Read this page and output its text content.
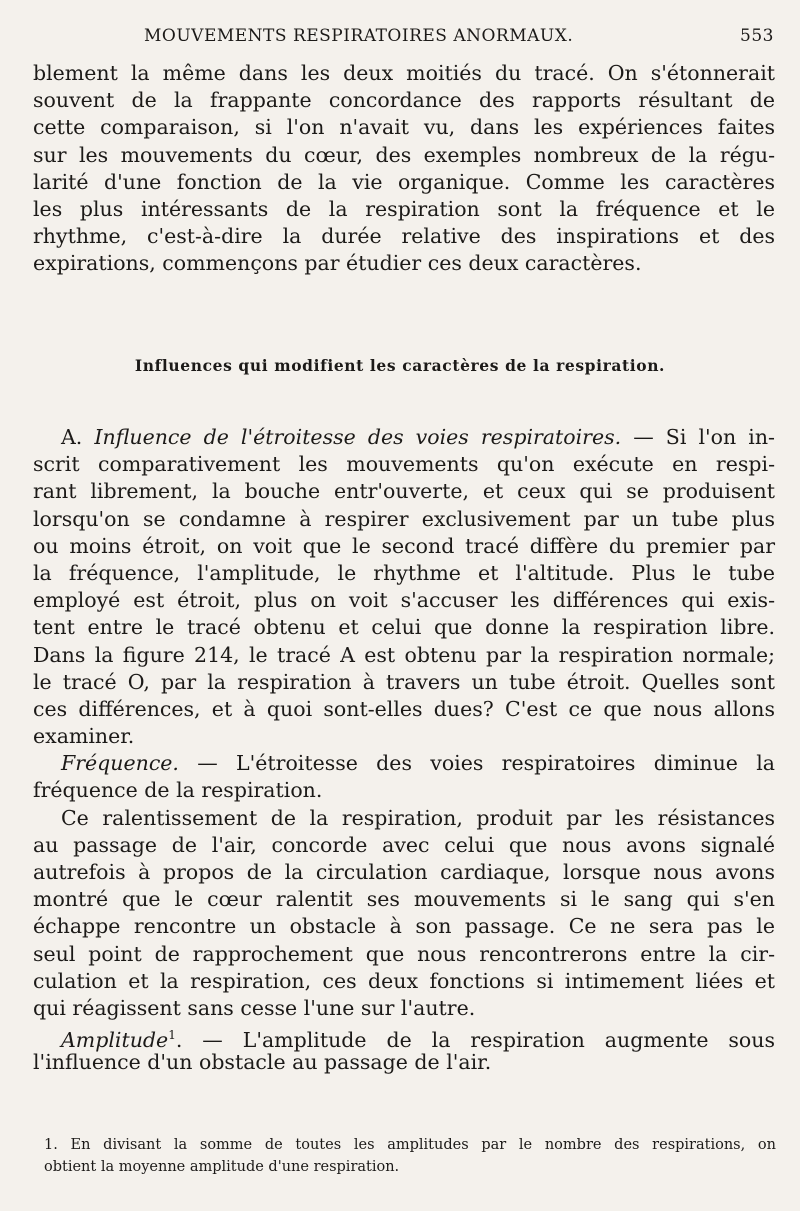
MOUVEMENTS RESPIRATOIRES ANORMAUX.	553
blement la même dans les deux moitiés du tracé. On s'étonnerait
souvent de la frappante concordance des rapports résultant de
cette comparaison, si l'on n'avait vu, dans les expériences faites
sur les mouvements du cœur, des exemples nombreux de la régu-
larité d'une fonction de la vie organique. Comme les caractères
les plus intéressants de la respiration sont la fréquence et le
rhythme, c'est-à-dire la durée relative des inspirations et des
expirations, commençons par étudier ces deux caractères.
Influences qui modifient les caractères de la respiration.
A. Influence de l'étroitesse des voies respiratoires. — Si l'on in-
scrit comparativement les mouvements qu'on exécute en respi-
rant librement, la bouche entr'ouverte, et ceux qui se produisent
lorsqu'on se condamne à respirer exclusivement par un tube plus
ou moins étroit, on voit que le second tracé diffère du premier par
la fréquence, l'amplitude, le rhythme et l'altitude. Plus le tube
employé est étroit, plus on voit s'accuser les différences qui exis-
tent entre le tracé obtenu et celui que donne la respiration libre.
Dans la figure 214, le tracé A est obtenu par la respiration normale;
le tracé O, par la respiration à travers un tube étroit. Quelles sont
ces différences, et à quoi sont-elles dues? C'est ce que nous allons
examiner.
Fréquence. — L'étroitesse des voies respiratoires diminue la
fréquence de la respiration.
Ce ralentissement de la respiration, produit par les résistances
au passage de l'air, concorde avec celui que nous avons signalé
autrefois à propos de la circulation cardiaque, lorsque nous avons
montré que le cœur ralentit ses mouvements si le sang qui s'en
échappe rencontre un obstacle à son passage. Ce ne sera pas le
seul point de rapprochement que nous rencontrerons entre la cir-
culation et la respiration, ces deux fonctions si intimement liées et
qui réagissent sans cesse l'une sur l'autre.
Amplitude$^1$. — L'amplitude de la respiration augmente sous
l'influence d'un obstacle au passage de l'air.
1. En divisant la somme de toutes les amplitudes par le nombre des respirations, on
obtient la moyenne amplitude d'une respiration.
